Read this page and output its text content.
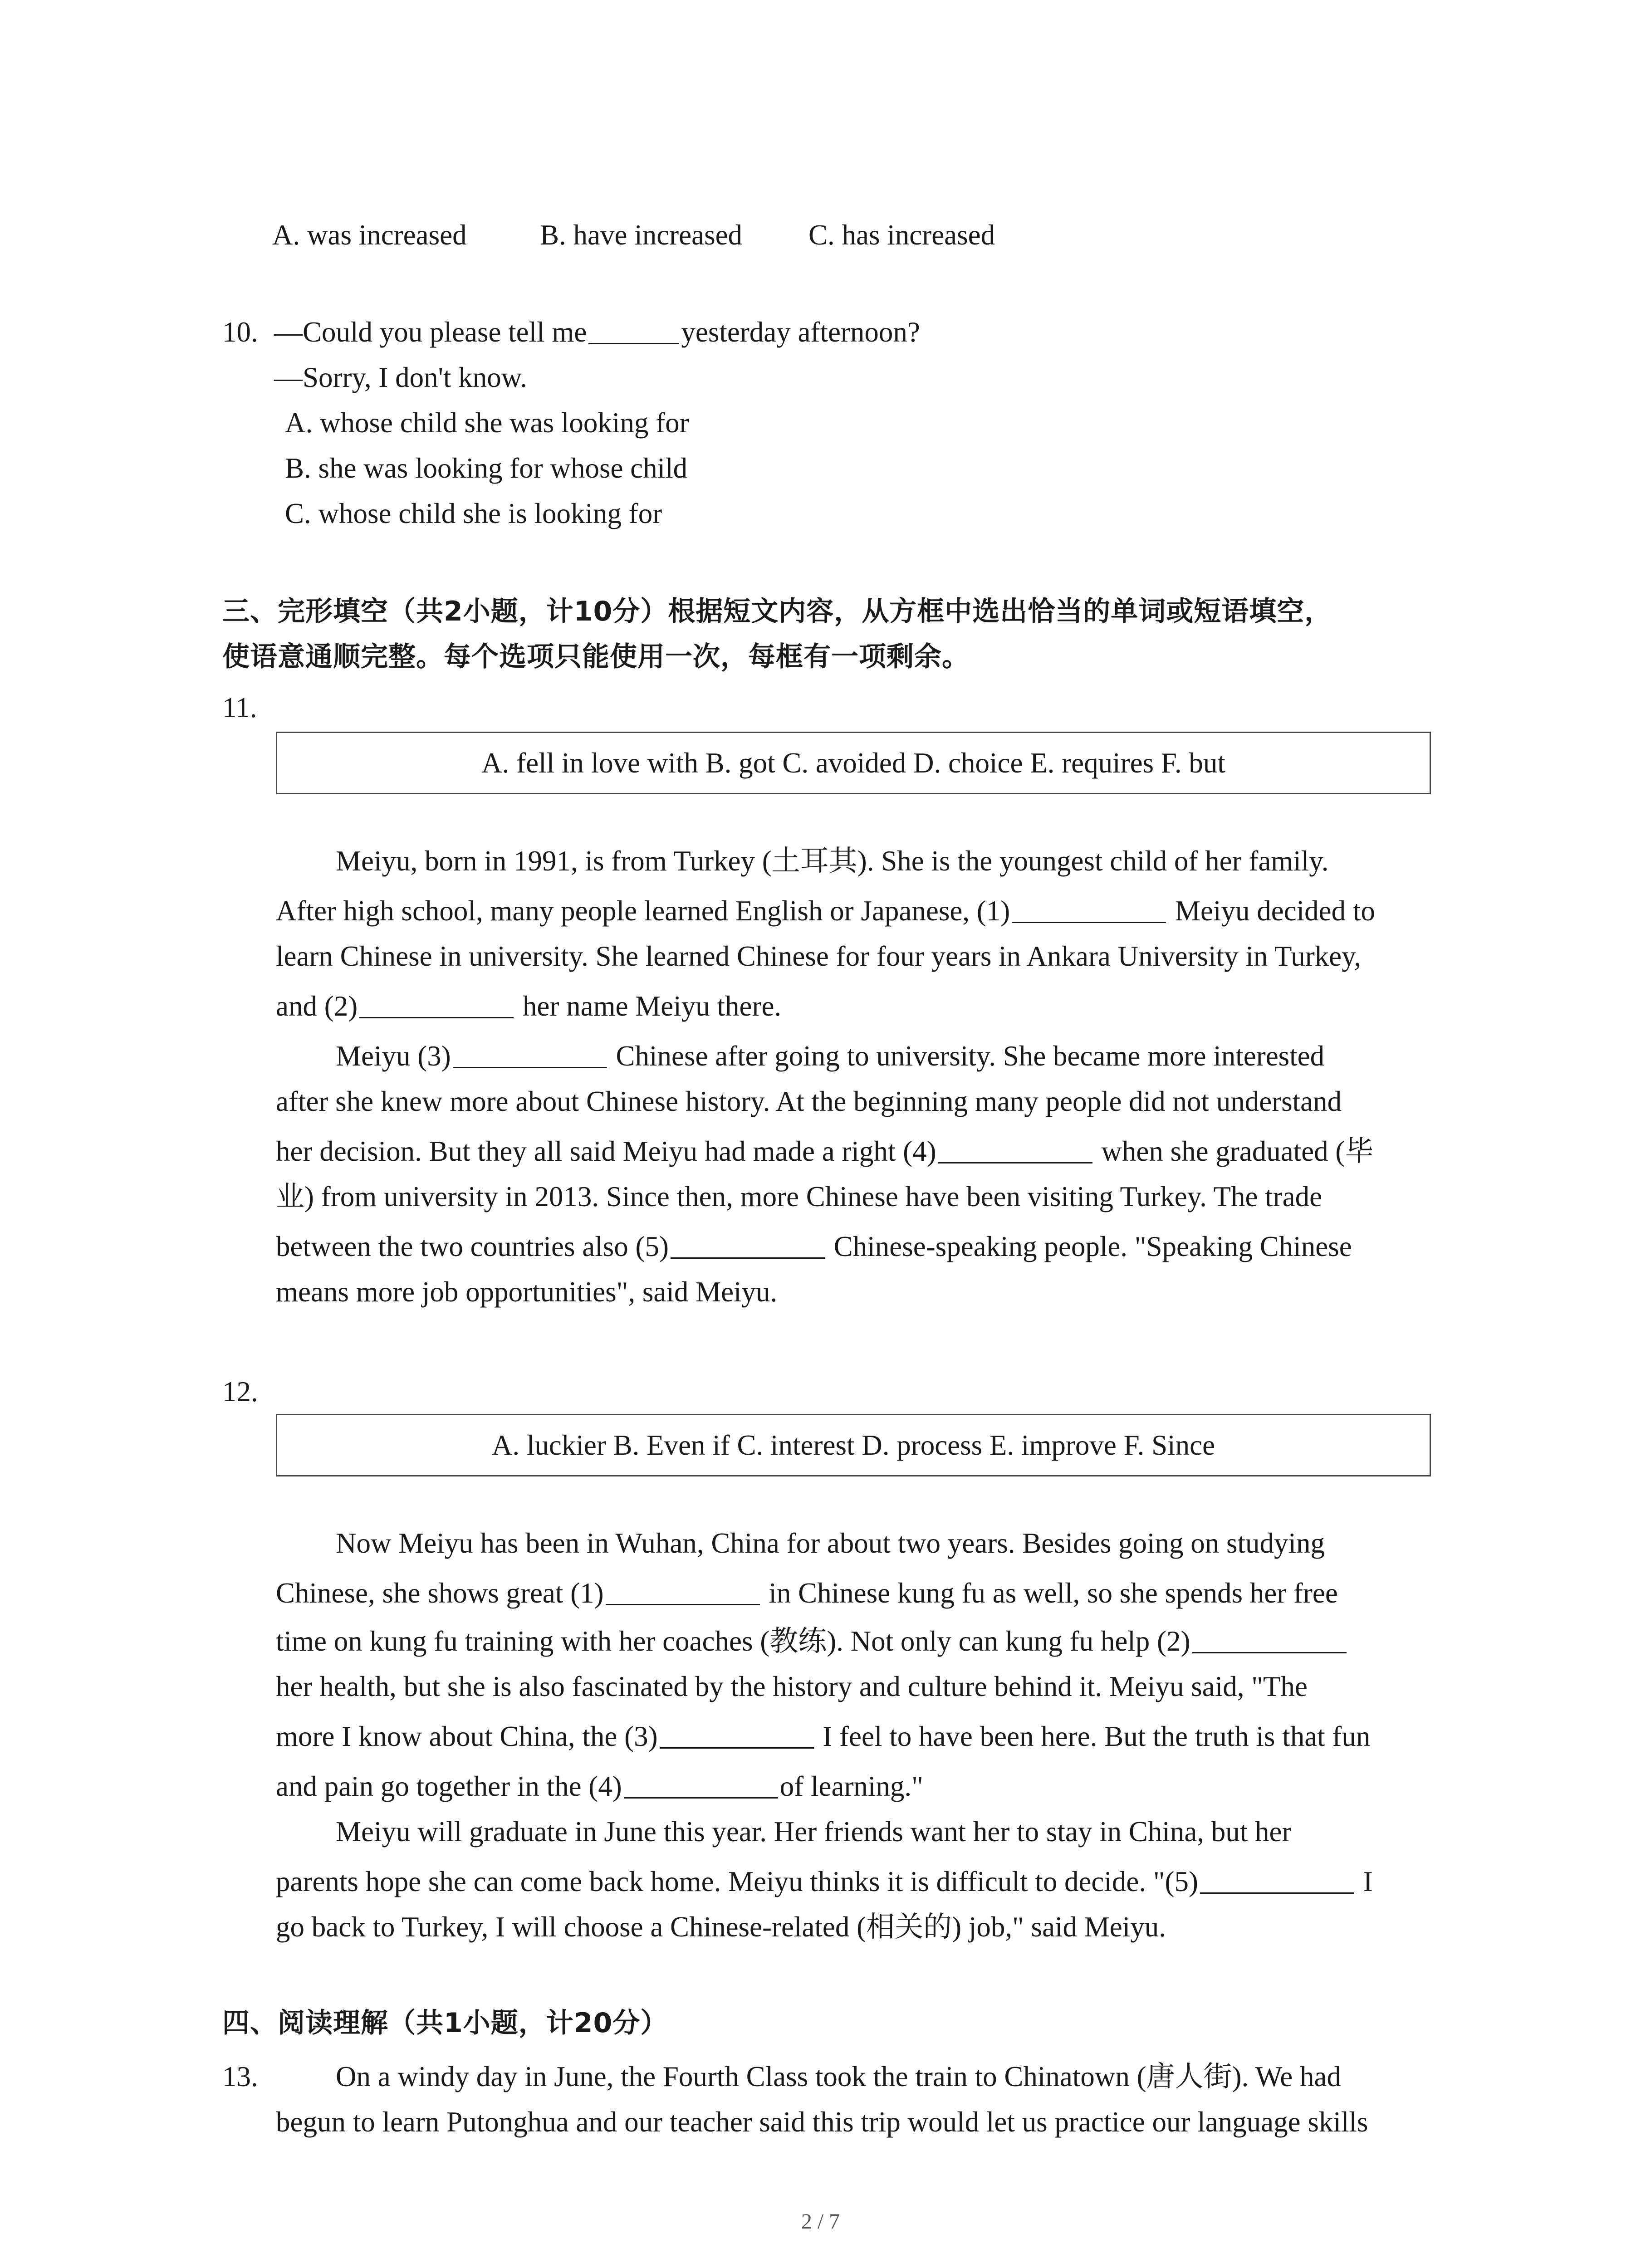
A. was increased	B. have increased C. has increased
10. —Could you please tell me	yesterday afternoon?
—Sorry, I don't know.
A. whose child she was looking for
B. she was looking for whose child
C. whose child she is looking for
三、完形填空（共2小题，计10分）根据短文内容，从方框中选出恰当的单词或短语填空，
使语意通顺完整。每个选项只能使用一次，每框有一项剩余。
11.
A. fell in love with B. got C. avoided D. choice E. requires F. but
Meiyu, born in 1991, is from Turkey (土耳其). She is the youngest child of her family.
After high school, many people learned English or Japanese, (1)	Meiyu decided to
learn Chinese in university. She learned Chinese for four years in Ankara University in Turkey,
and (2)	her name Meiyu there.
Meiyu (3)	Chinese after going to university. She became more interested
after she knew more about Chinese history. At the beginning many people did not understand
her decision. But they all said Meiyu had made a right (4)	when she graduated (毕
业) from university in 2013. Since then, more Chinese have been visiting Turkey. The trade
between the two countries also (5)	Chinese-speaking people. "Speaking Chinese
means more job opportunities", said Meiyu.
12.
A. luckier B. Even if C. interest D. process E. improve F. Since
Now Meiyu has been in Wuhan, China for about two years. Besides going on studying
Chinese, she shows great (1)	in Chinese kung fu as well, so she spends her free
time on kung fu training with her coaches (教练). Not only can kung fu help (2)
her health, but she is also fascinated by the history and culture behind it. Meiyu said, "The
more I know about China, the (3)	I feel to have been here. But the truth is that fun
and pain go together in the (4)	of learning."
Meiyu will graduate in June this year. Her friends want her to stay in China, but her
parents hope she can come back home. Meiyu thinks it is difficult to decide. "(5)	I
go back to Turkey, I will choose a Chinese-related (相关的) job," said Meiyu.
四、阅读理解（共1小题，计20分）
13.	On a windy day in June, the Fourth Class took the train to Chinatown (唐人街). We had
begun to learn Putonghua and our teacher said this trip would let us practice our language skills
2 / 7
